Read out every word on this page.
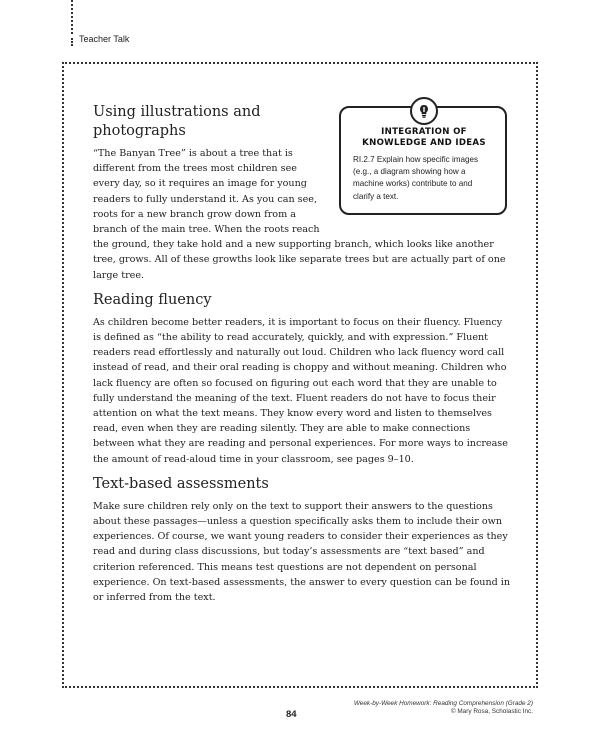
Teacher Talk
INTEGRATION OF KNOWLEDGE AND IDEAS
RI.2.7 Explain how specific images (e.g., a diagram showing how a machine works) contribute to and clarify a text.
Using illustrations and photographs

“The Banyan Tree” is about a tree that is different from the trees most children see every day, so it requires an image for young readers to fully understand it. As you can see, roots for a new branch grow down from a branch of the main tree. When the roots reach the ground, they take hold and a new supporting branch, which looks like another tree, grows. All of these growths look like separate trees but are actually part of one large tree.

Reading fluency

As children become better readers, it is important to focus on their fluency. Fluency is defined as “the ability to read accurately, quickly, and with expression.” Fluent readers read effortlessly and naturally out loud. Children who lack fluency word call instead of read, and their oral reading is choppy and without meaning. Children who lack fluency are often so focused on figuring out each word that they are unable to fully understand the meaning of the text. Fluent readers do not have to focus their attention on what the text means. They know every word and listen to themselves read, even when they are reading silently. They are able to make connections between what they are reading and personal experiences. For more ways to increase the amount of read-aloud time in your classroom, see pages 9–10.

Text-based assessments

Make sure children rely only on the text to support their answers to the questions about these passages—unless a question specifically asks them to include their own experiences. Of course, we want young readers to consider their experiences as they read and during class discussions, but today’s assessments are “text based” and criterion referenced. This means test questions are not dependent on personal experience. On text-based assessments, the answer to every question can be found in or inferred from the text.

84
Week-by-Week Homework: Reading Comprehension (Grade 2)
© Mary Rosa, Scholastic Inc.
